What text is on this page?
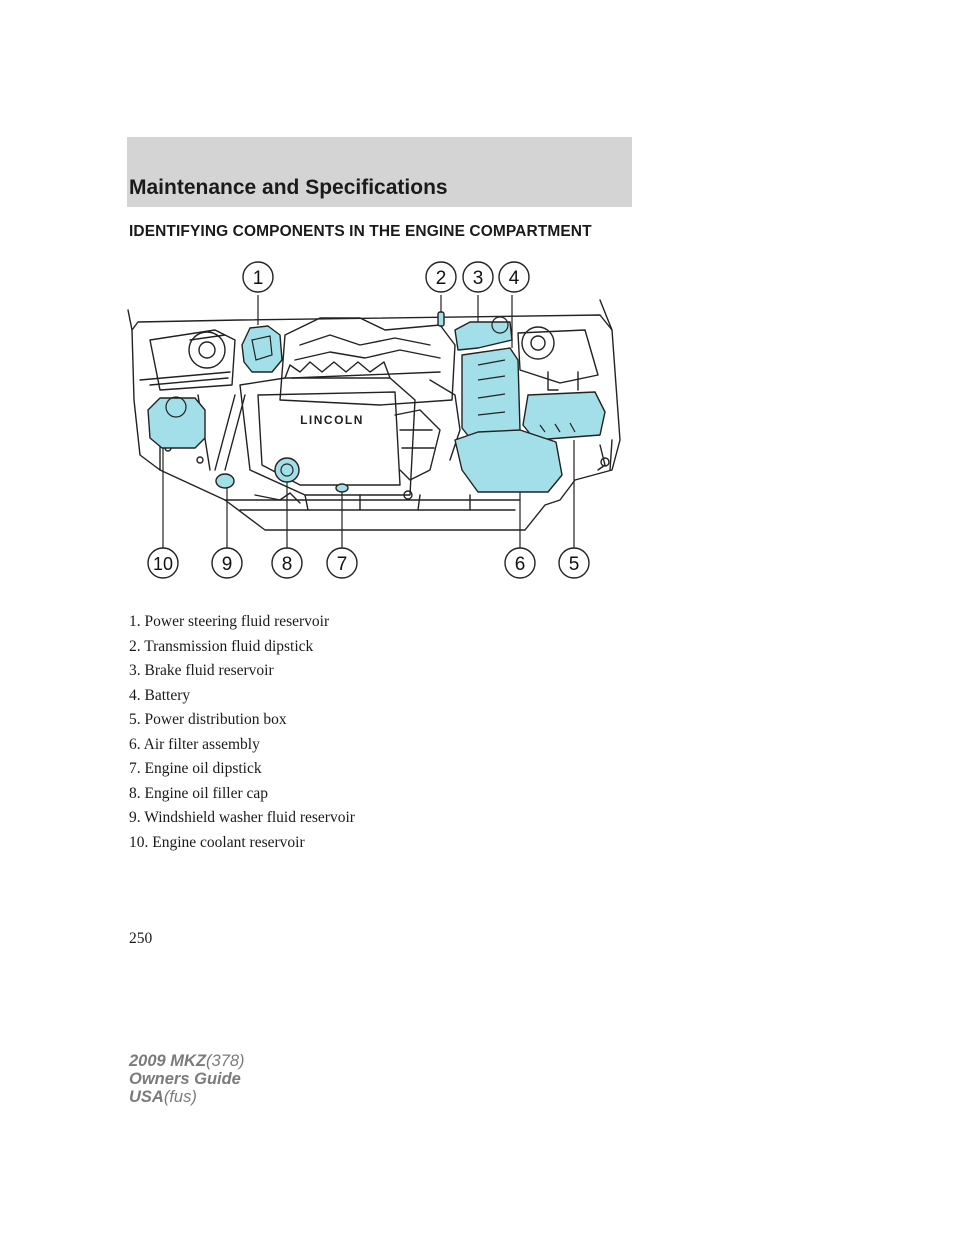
Maintenance and Specifications
IDENTIFYING COMPONENTS IN THE ENGINE COMPARTMENT
LINCOLN
1	2 3 4
5
6
7
8
9
10
1. Power steering fluid reservoir
2. Transmission fluid dipstick
3. Brake fluid reservoir
4. Battery
5. Power distribution box
6. Air filter assembly
7. Engine oil dipstick
8. Engine oil filler cap
9. Windshield washer fluid reservoir
10. Engine coolant reservoir
250
2009 MKZ(378)
Owners Guide
USA(fus)
